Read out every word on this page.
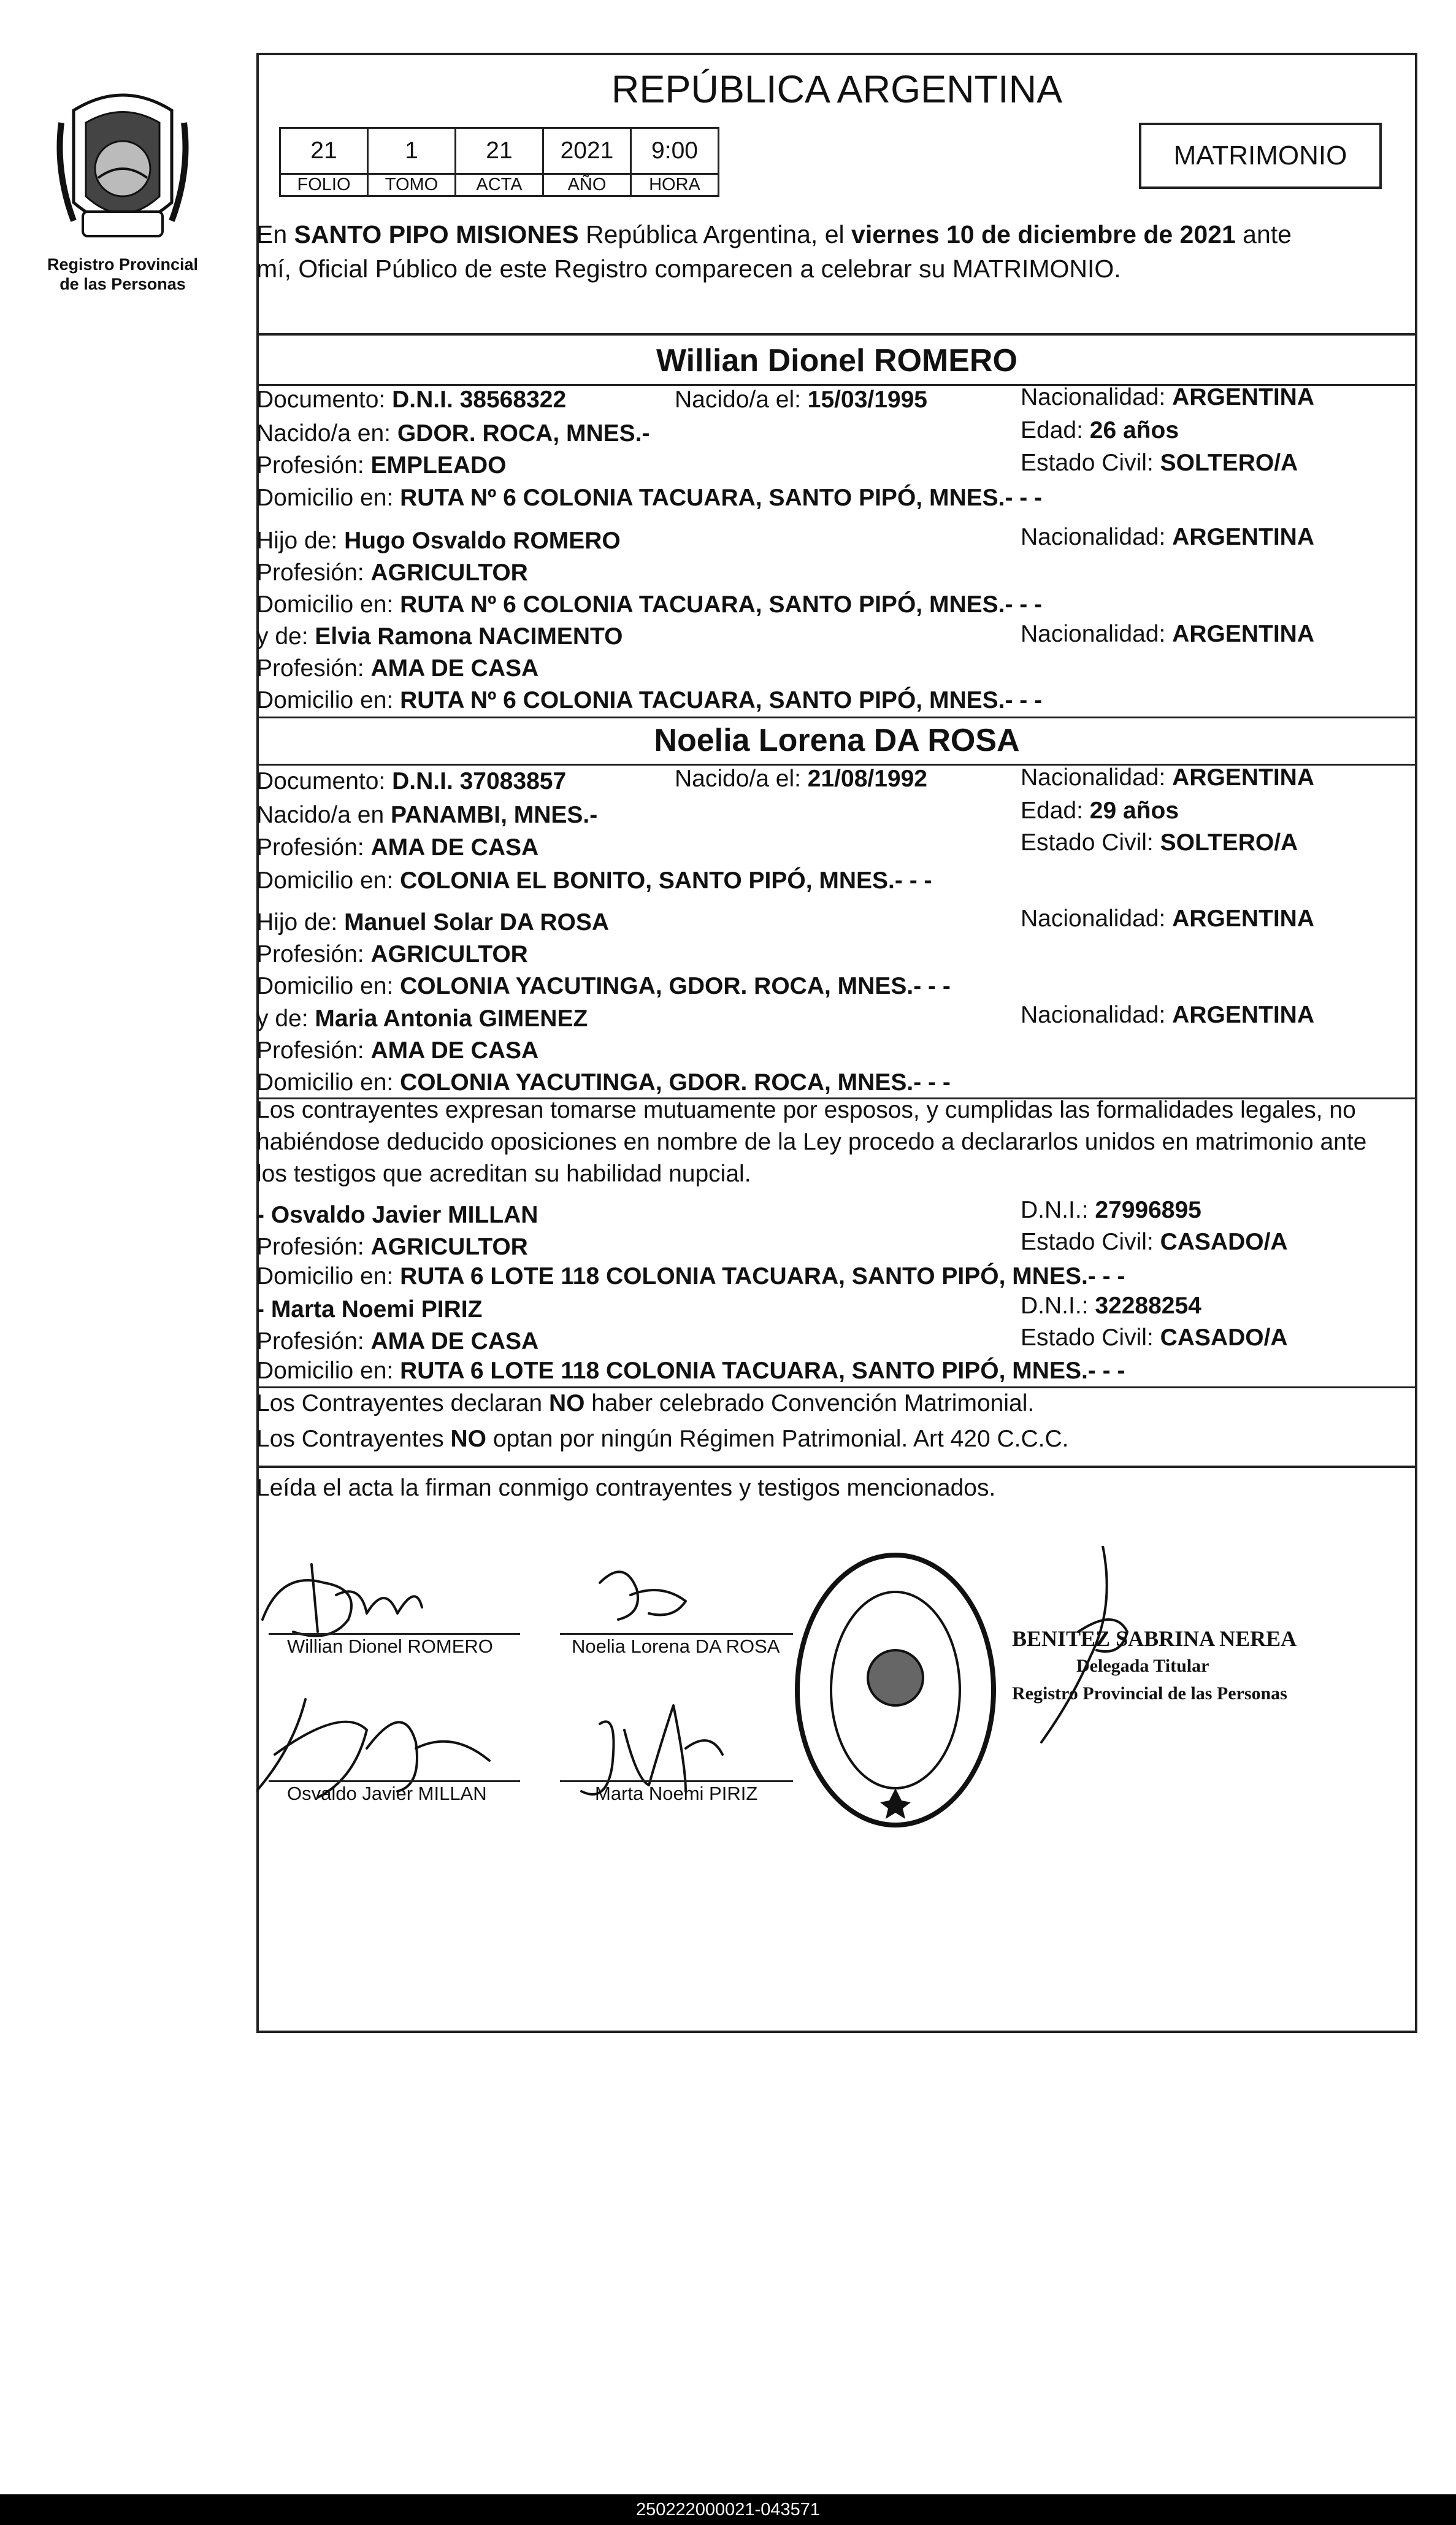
Registro Provincial
de las Personas
REPÚBLICA ARGENTINA
21	1	21	2021	9:00
FOLIO	TOMO	ACTA	AÑO	HORA
MATRIMONIO
En SANTO PIPO MISIONES República Argentina, el viernes 10 de diciembre de 2021 ante
mí, Oficial Público de este Registro comparecen a celebrar su MATRIMONIO.
Willian Dionel ROMERO
Documento: D.N.I. 38568322	Nacido/a el: 15/03/1995	Nacionalidad: ARGENTINA
Nacido/a en: GDOR. ROCA, MNES.-	Edad: 26 años
Profesión: EMPLEADO	Estado Civil: SOLTERO/A
Domicilio en: RUTA Nº 6 COLONIA TACUARA, SANTO PIPÓ, MNES.- - -
Hijo de: Hugo Osvaldo ROMERO	Nacionalidad: ARGENTINA
Profesión: AGRICULTOR
Domicilio en: RUTA Nº 6 COLONIA TACUARA, SANTO PIPÓ, MNES.- - -
y de: Elvia Ramona NACIMENTO	Nacionalidad: ARGENTINA
Profesión: AMA DE CASA
Domicilio en: RUTA Nº 6 COLONIA TACUARA, SANTO PIPÓ, MNES.- - -
Noelia Lorena DA ROSA
Documento: D.N.I. 37083857	Nacido/a el: 21/08/1992	Nacionalidad: ARGENTINA
Nacido/a en PANAMBI, MNES.-	Edad: 29 años
Profesión: AMA DE CASA	Estado Civil: SOLTERO/A
Domicilio en: COLONIA EL BONITO, SANTO PIPÓ, MNES.- - -
Hijo de: Manuel Solar DA ROSA	Nacionalidad: ARGENTINA
Profesión: AGRICULTOR
Domicilio en: COLONIA YACUTINGA, GDOR. ROCA, MNES.- - -
y de: Maria Antonia GIMENEZ	Nacionalidad: ARGENTINA
Profesión: AMA DE CASA
Domicilio en: COLONIA YACUTINGA, GDOR. ROCA, MNES.- - -
Los contrayentes expresan tomarse mutuamente por esposos, y cumplidas las formalidades legales, no
habiéndose deducido oposiciones en nombre de la Ley procedo a declararlos unidos en matrimonio ante
los testigos que acreditan su habilidad nupcial.
- Osvaldo Javier MILLAN	D.N.I.: 27996895
Profesión: AGRICULTOR	Estado Civil: CASADO/A
Domicilio en: RUTA 6 LOTE 118 COLONIA TACUARA, SANTO PIPÓ, MNES.- - -
- Marta Noemi PIRIZ	D.N.I.: 32288254
Profesión: AMA DE CASA	Estado Civil: CASADO/A
Domicilio en: RUTA 6 LOTE 118 COLONIA TACUARA, SANTO PIPÓ, MNES.- - -
Los Contrayentes declaran NO haber celebrado Convención Matrimonial.
Los Contrayentes NO optan por ningún Régimen Patrimonial. Art 420 C.C.C.
Leída el acta la firman conmigo contrayentes y testigos mencionados.
Willian Dionel ROMERO	Noelia Lorena DA ROSA
Osvaldo Javier MILLAN	Marta Noemi PIRIZ
BENITEZ SABRINA NEREA
Delegada Titular
Registro Provincial de las Personas
250222000021-043571
